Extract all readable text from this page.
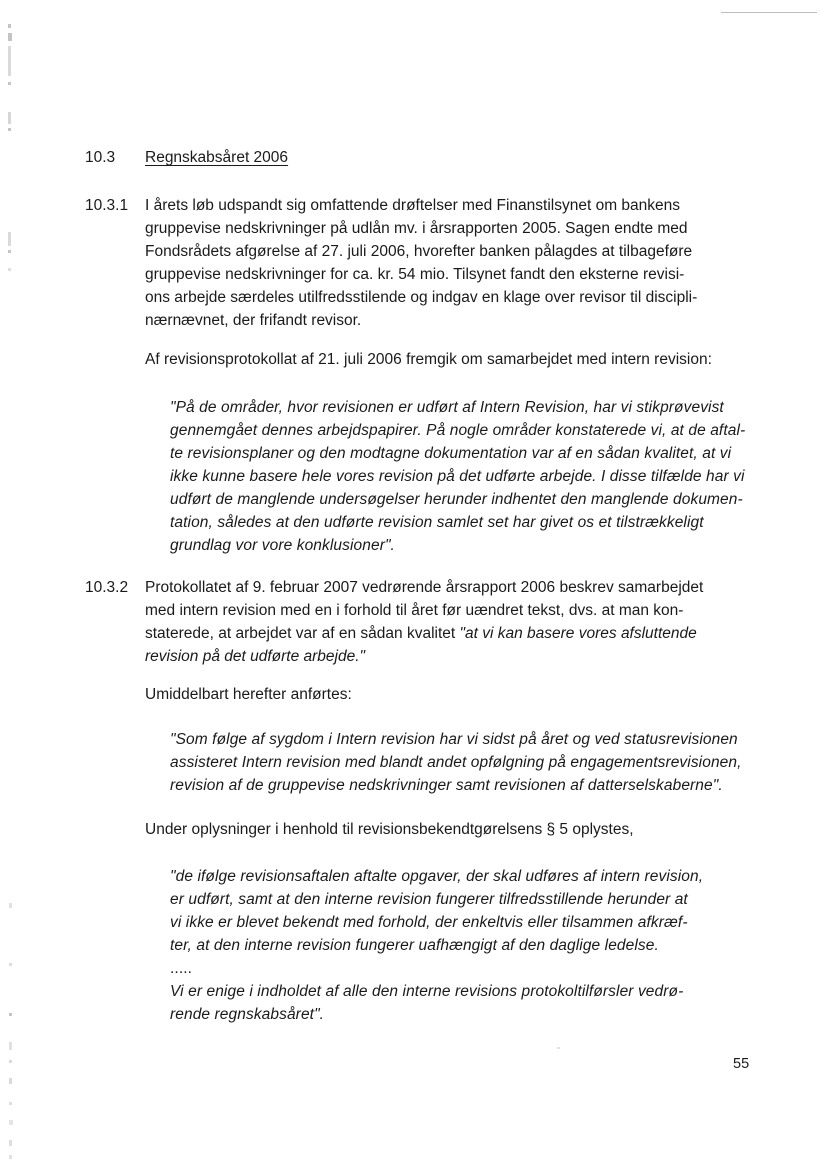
10.3	Regnskabsåret 2006
10.3.1	I årets løb udspandt sig omfattende drøftelser med Finanstilsynet om bankens
gruppevise nedskrivninger på udlån mv. i årsrapporten 2005. Sagen endte med
Fondsrådets afgørelse af 27. juli 2006, hvorefter banken pålagdes at tilbageføre
gruppevise nedskrivninger for ca. kr. 54 mio. Tilsynet fandt den eksterne revisi-
ons arbejde særdeles utilfredsstilende og indgav en klage over revisor til discipli-
nærnævnet, der frifandt revisor.
Af revisionsprotokollat af 21. juli 2006 fremgik om samarbejdet med intern revision:
"På de områder, hvor revisionen er udført af Intern Revision, har vi stikprøvevist
gennemgået dennes arbejdspapirer. På nogle områder konstaterede vi, at de aftal-
te revisionsplaner og den modtagne dokumentation var af en sådan kvalitet, at vi
ikke kunne basere hele vores revision på det udførte arbejde. I disse tilfælde har vi
udført de manglende undersøgelser herunder indhentet den manglende dokumen-
tation, således at den udførte revision samlet set har givet os et tilstrækkeligt
grundlag vor vore konklusioner".
10.3.2	Protokollatet af 9. februar 2007 vedrørende årsrapport 2006 beskrev samarbejdet
med intern revision med en i forhold til året før uændret tekst, dvs. at man kon-
staterede, at arbejdet var af en sådan kvalitet "at vi kan basere vores afsluttende
revision på det udførte arbejde."
Umiddelbart herefter anførtes:
"Som følge af sygdom i Intern revision har vi sidst på året og ved statusrevisionen
assisteret Intern revision med blandt andet opfølgning på engagementsrevisionen,
revision af de gruppevise nedskrivninger samt revisionen af datterselskaberne".
Under oplysninger i henhold til revisionsbekendtgørelsens § 5 oplystes,
"de ifølge revisionsaftalen aftalte opgaver, der skal udføres af intern revision,
er udført, samt at den interne revision fungerer tilfredsstillende herunder at
vi ikke er blevet bekendt med forhold, der enkeltvis eller tilsammen afkræf-
ter, at den interne revision fungerer uafhængigt af den daglige ledelse.
.....
Vi er enige i indholdet af alle den interne revisions protokoltilførsler vedrø-
rende regnskabsåret".
55
